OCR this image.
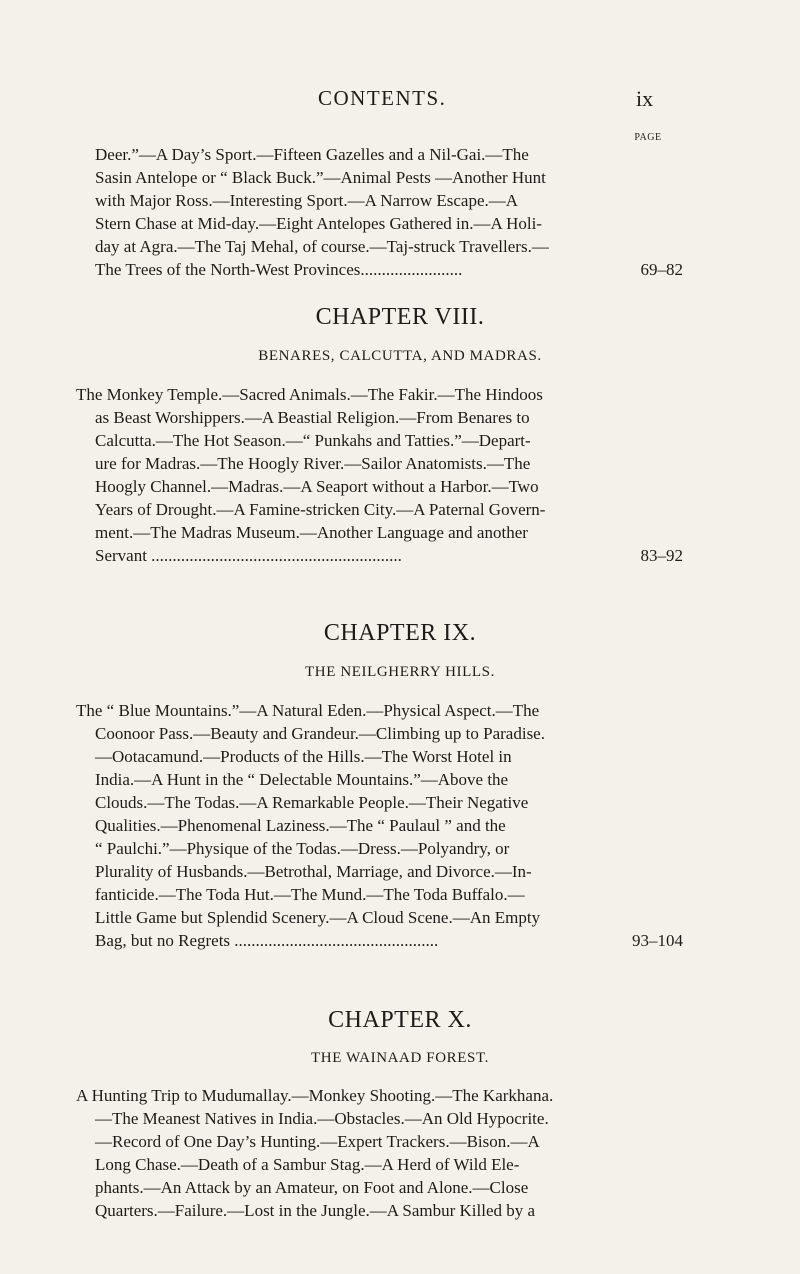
CONTENTS.	ix
PAGE
Deer.”—A Day’s Sport.—Fifteen Gazelles and a Nil-Gai.—The
Sasin Antelope or “ Black Buck.”—Animal Pests —Another Hunt
with Major Ross.—Interesting Sport.—A Narrow Escape.—A
Stern Chase at Mid-day.—Eight Antelopes Gathered in.—A Holi-
day at Agra.—The Taj Mehal, of course.—Taj-struck Travellers.—
The Trees of the North-West Provinces........................	69–82
CHAPTER VIII.
BENARES, CALCUTTA, AND MADRAS.
The Monkey Temple.—Sacred Animals.—The Fakir.—The Hindoos
as Beast Worshippers.—A Beastial Religion.—From Benares to
Calcutta.—The Hot Season.—“ Punkahs and Tatties.”—Depart-
ure for Madras.—The Hoogly River.—Sailor Anatomists.—The
Hoogly Channel.—Madras.—A Seaport without a Harbor.—Two
Years of Drought.—A Famine-stricken City.—A Paternal Govern-
ment.—The Madras Museum.—Another Language and another
Servant ...........................................................	83–92
CHAPTER IX.
THE NEILGHERRY HILLS.
The “ Blue Mountains.”—A Natural Eden.—Physical Aspect.—The
Coonoor Pass.—Beauty and Grandeur.—Climbing up to Paradise.
—Ootacamund.—Products of the Hills.—The Worst Hotel in
India.—A Hunt in the “ Delectable Mountains.”—Above the
Clouds.—The Todas.—A Remarkable People.—Their Negative
Qualities.—Phenomenal Laziness.—The “ Paulaul ” and the
“ Paulchi.”—Physique of the Todas.—Dress.—Polyandry, or
Plurality of Husbands.—Betrothal, Marriage, and Divorce.—In-
fanticide.—The Toda Hut.—The Mund.—The Toda Buffalo.—
Little Game but Splendid Scenery.—A Cloud Scene.—An Empty
Bag, but no Regrets ................................................	93–104
CHAPTER X.
THE WAINAAD FOREST.
A Hunting Trip to Mudumallay.—Monkey Shooting.—The Karkhana.
—The Meanest Natives in India.—Obstacles.—An Old Hypocrite.
—Record of One Day’s Hunting.—Expert Trackers.—Bison.—A
Long Chase.—Death of a Sambur Stag.—A Herd of Wild Ele-
phants.—An Attack by an Amateur, on Foot and Alone.—Close
Quarters.—Failure.—Lost in the Jungle.—A Sambur Killed by a
